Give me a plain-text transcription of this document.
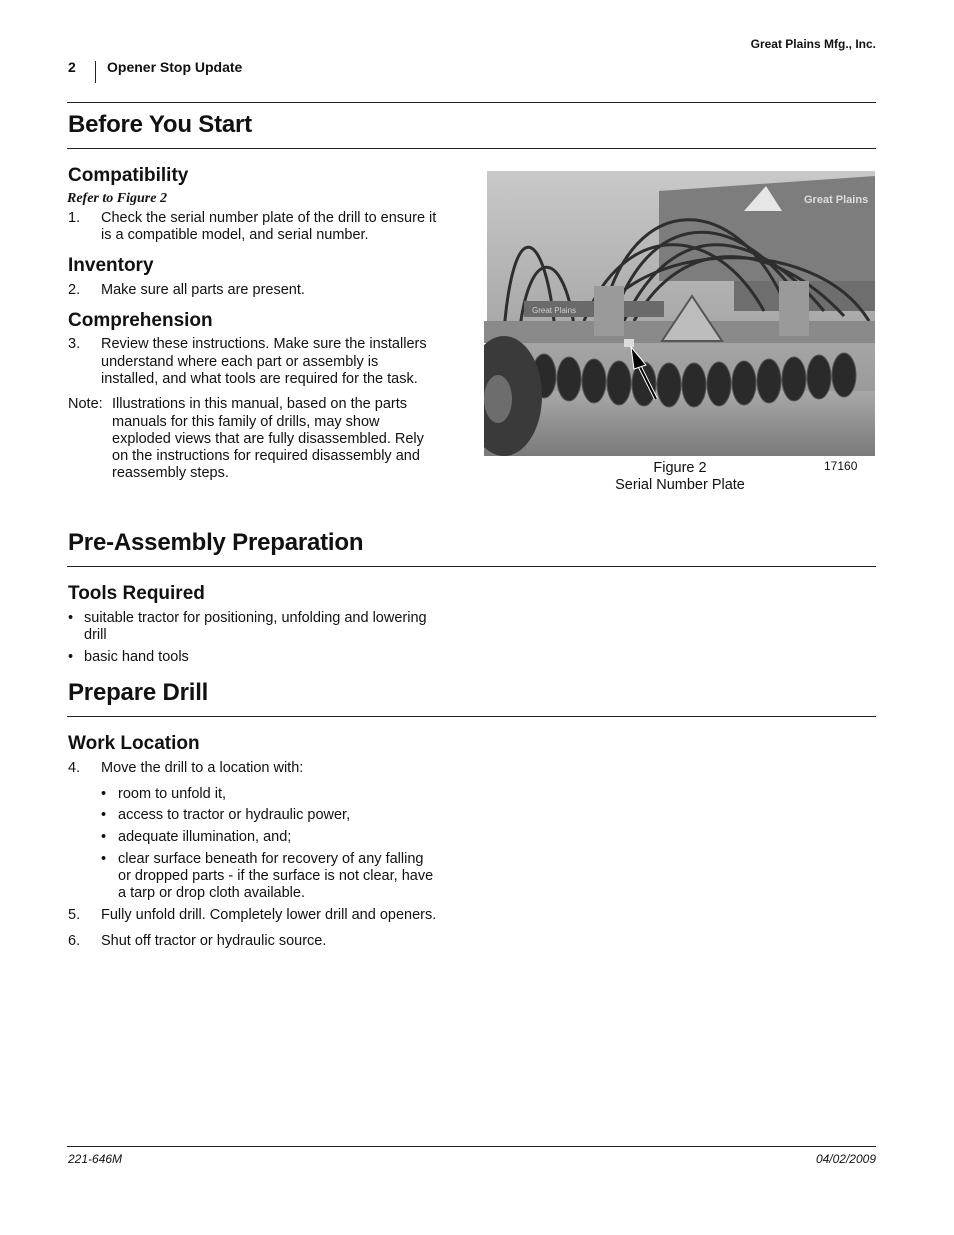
Great Plains Mfg., Inc.
2 Opener Stop Update
Before You Start
Compatibility
Refer to Figure 2
1. Check the serial number plate of the drill to ensure it
is a compatible model, and serial number.
Inventory
2. Make sure all parts are present.
Comprehension
3. Review these instructions. Make sure the installers
understand where each part or assembly is
installed, and what tools are required for the task.
Note: Illustrations in this manual, based on the parts
manuals for this family of drills, may show
exploded views that are fully disassembled. Rely
on the instructions for required disassembly and
reassembly steps.
Great Plains
Great Plains
Figure 2
Serial Number Plate
17160
Pre-Assembly Preparation
Tools Required
• suitable tractor for positioning, unfolding and lowering
drill
• basic hand tools
Prepare Drill
Work Location
4. Move the drill to a location with:
• room to unfold it,
• access to tractor or hydraulic power,
• adequate illumination, and;
• clear surface beneath for recovery of any falling
or dropped parts - if the surface is not clear, have
a tarp or drop cloth available.
5. Fully unfold drill. Completely lower drill and openers.
6. Shut off tractor or hydraulic source.
221-646M	04/02/2009
